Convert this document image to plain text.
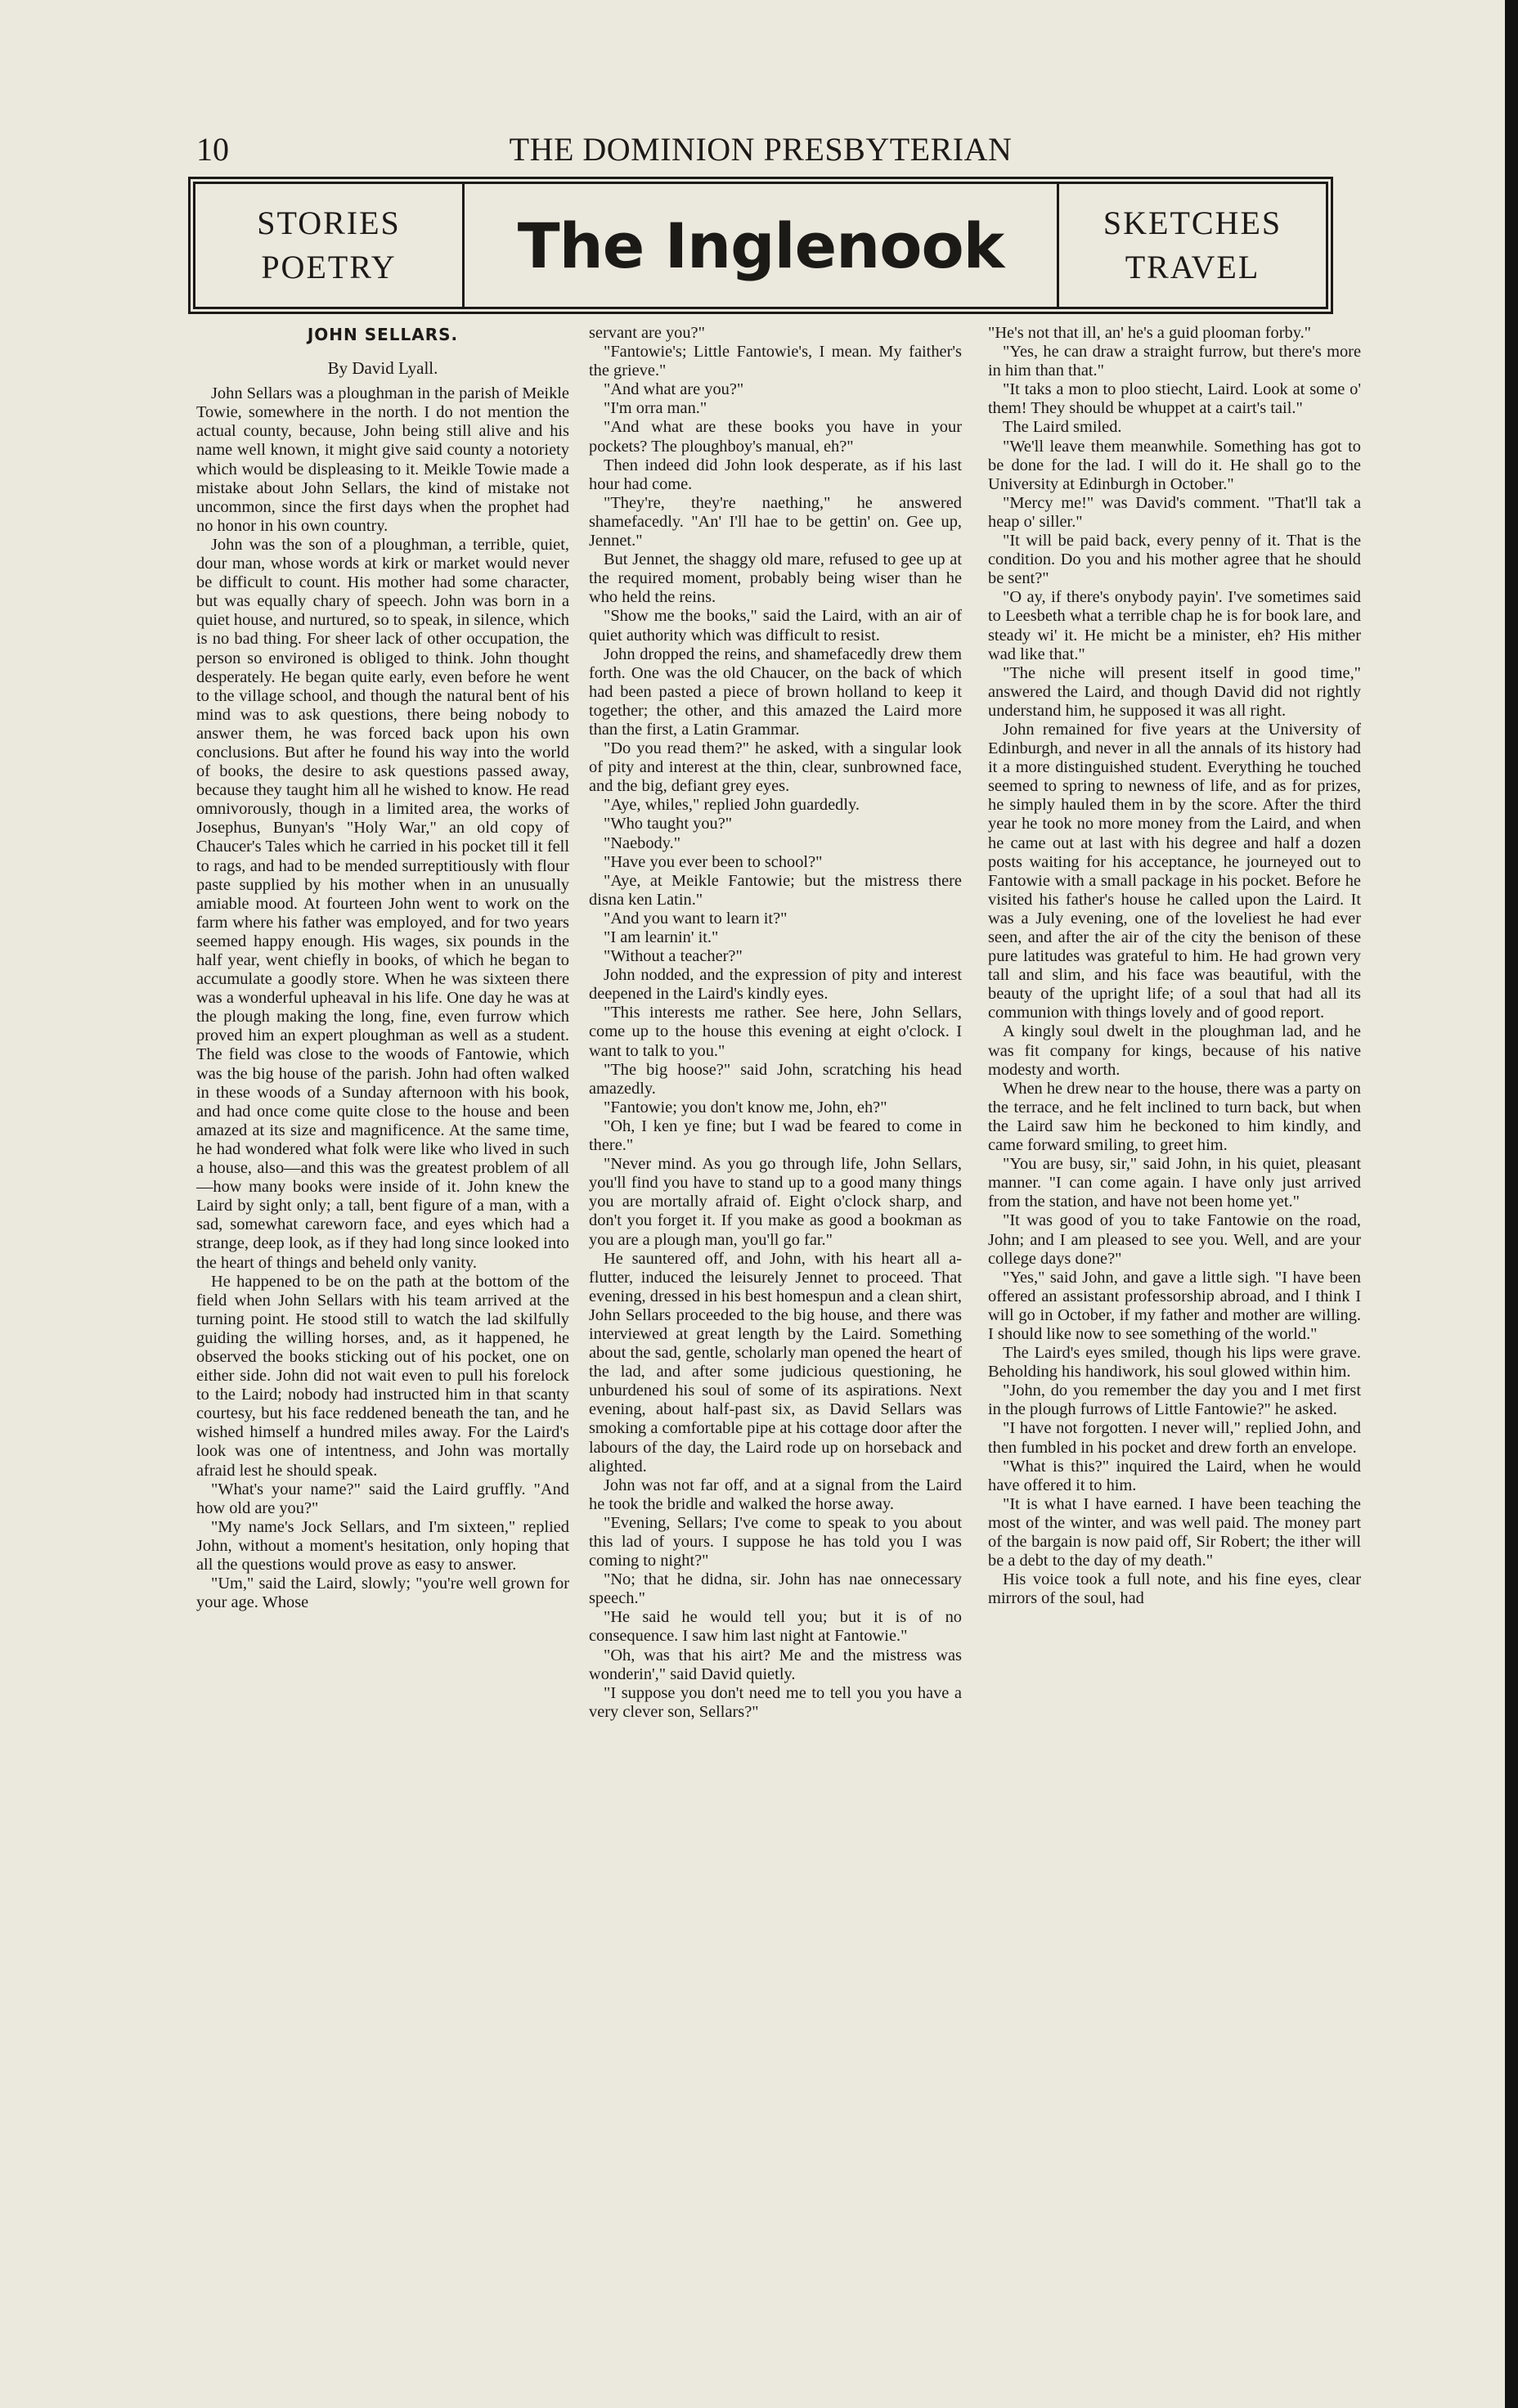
10	THE DOMINION PRESBYTERIAN
STORIES
POETRY	The Inglenook	SKETCHES
TRAVEL
JOHN SELLARS.
By David Lyall.

John Sellars was a ploughman in the parish of Meikle Towie, somewhere in the north. I do not mention the actual county, because, John being still alive and his name well known, it might give said county a notoriety which would be displeasing to it. Meikle Towie made a mistake about John Sellars, the kind of mistake not uncommon, since the first days when the prophet had no honor in his own country.

John was the son of a ploughman, a terrible, quiet, dour man, whose words at kirk or market would never be difficult to count. His mother had some character, but was equally chary of speech. John was born in a quiet house, and nurtured, so to speak, in silence, which is no bad thing. For sheer lack of other occupation, the person so environed is obliged to think. John thought desperately. He began quite early, even before he went to the village school, and though the natural bent of his mind was to ask questions, there being nobody to answer them, he was forced back upon his own conclusions. But after he found his way into the world of books, the desire to ask questions passed away, because they taught him all he wished to know. He read omnivorously, though in a limited area, the works of Josephus, Bunyan's "Holy War," an old copy of Chaucer's Tales which he carried in his pocket till it fell to rags, and had to be mended surreptitiously with flour paste supplied by his mother when in an unusually amiable mood. At fourteen John went to work on the farm where his father was employed, and for two years seemed happy enough. His wages, six pounds in the half year, went chiefly in books, of which he began to accumulate a goodly store. When he was sixteen there was a wonderful upheaval in his life. One day he was at the plough making the long, fine, even furrow which proved him an expert ploughman as well as a student. The field was close to the woods of Fantowie, which was the big house of the parish. John had often walked in these woods of a Sunday afternoon with his book, and had once come quite close to the house and been amazed at its size and magnificence. At the same time, he had wondered what folk were like who lived in such a house, also—and this was the greatest problem of all—how many books were inside of it. John knew the Laird by sight only; a tall, bent figure of a man, with a sad, somewhat careworn face, and eyes which had a strange, deep look, as if they had long since looked into the heart of things and beheld only vanity.

He happened to be on the path at the bottom of the field when John Sellars with his team arrived at the turning point. He stood still to watch the lad skilfully guiding the willing horses, and, as it happened, he observed the books sticking out of his pocket, one on either side. John did not wait even to pull his forelock to the Laird; nobody had instructed him in that scanty courtesy, but his face reddened beneath the tan, and he wished himself a hundred miles away. For the Laird's look was one of intentness, and John was mortally afraid lest he should speak.

"What's your name?" said the Laird gruffly. "And how old are you?"

"My name's Jock Sellars, and I'm sixteen," replied John, without a moment's hesitation, only hoping that all the questions would prove as easy to answer.

"Um," said the Laird, slowly; "you're well grown for your age. Whose

servant are you?"

"Fantowie's; Little Fantowie's, I mean. My faither's the grieve."

"And what are you?"

"I'm orra man."

"And what are these books you have in your pockets? The ploughboy's manual, eh?"

Then indeed did John look desperate, as if his last hour had come.

"They're, they're naething," he answered shamefacedly. "An' I'll hae to be gettin' on. Gee up, Jennet."

But Jennet, the shaggy old mare, refused to gee up at the required moment, probably being wiser than he who held the reins.

"Show me the books," said the Laird, with an air of quiet authority which was difficult to resist.

John dropped the reins, and shamefacedly drew them forth. One was the old Chaucer, on the back of which had been pasted a piece of brown holland to keep it together; the other, and this amazed the Laird more than the first, a Latin Grammar.

"Do you read them?" he asked, with a singular look of pity and interest at the thin, clear, sunbrowned face, and the big, defiant grey eyes.

"Aye, whiles," replied John guardedly.

"Who taught you?"

"Naebody."

"Have you ever been to school?"

"Aye, at Meikle Fantowie; but the mistress there disna ken Latin."

"And you want to learn it?"

"I am learnin' it."

"Without a teacher?"

John nodded, and the expression of pity and interest deepened in the Laird's kindly eyes.

"This interests me rather. See here, John Sellars, come up to the house this evening at eight o'clock. I want to talk to you."

"The big hoose?" said John, scratching his head amazedly.

"Fantowie; you don't know me, John, eh?"

"Oh, I ken ye fine; but I wad be feared to come in there."

"Never mind. As you go through life, John Sellars, you'll find you have to stand up to a good many things you are mortally afraid of. Eight o'clock sharp, and don't you forget it. If you make as good a bookman as you are a plough man, you'll go far."

He sauntered off, and John, with his heart all a-flutter, induced the leisurely Jennet to proceed. That evening, dressed in his best homespun and a clean shirt, John Sellars proceeded to the big house, and there was interviewed at great length by the Laird. Something about the sad, gentle, scholarly man opened the heart of the lad, and after some judicious questioning, he unburdened his soul of some of its aspirations. Next evening, about half-past six, as David Sellars was smoking a comfortable pipe at his cottage door after the labours of the day, the Laird rode up on horseback and alighted.

John was not far off, and at a signal from the Laird he took the bridle and walked the horse away.

"Evening, Sellars; I've come to speak to you about this lad of yours. I suppose he has told you I was coming to night?"

"No; that he didna, sir. John has nae onnecessary speech."

"He said he would tell you; but it is of no consequence. I saw him last night at Fantowie."

"Oh, was that his airt? Me and the mistress was wonderin'," said David quietly.

"I suppose you don't need me to tell you you have a very clever son, Sellars?"

"He's not that ill, an' he's a guid plooman forby."

"Yes, he can draw a straight furrow, but there's more in him than that."

"It taks a mon to ploo stiecht, Laird. Look at some o' them! They should be whuppet at a cairt's tail."

The Laird smiled.

"We'll leave them meanwhile. Something has got to be done for the lad. I will do it. He shall go to the University at Edinburgh in October."

"Mercy me!" was David's comment. "That'll tak a heap o' siller."

"It will be paid back, every penny of it. That is the condition. Do you and his mother agree that he should be sent?"

"O ay, if there's onybody payin'. I've sometimes said to Leesbeth what a terrible chap he is for book lare, and steady wi' it. He micht be a minister, eh? His mither wad like that."

"The niche will present itself in good time," answered the Laird, and though David did not rightly understand him, he supposed it was all right.

John remained for five years at the University of Edinburgh, and never in all the annals of its history had it a more distinguished student. Everything he touched seemed to spring to newness of life, and as for prizes, he simply hauled them in by the score. After the third year he took no more money from the Laird, and when he came out at last with his degree and half a dozen posts waiting for his acceptance, he journeyed out to Fantowie with a small package in his pocket. Before he visited his father's house he called upon the Laird. It was a July evening, one of the loveliest he had ever seen, and after the air of the city the benison of these pure latitudes was grateful to him. He had grown very tall and slim, and his face was beautiful, with the beauty of the upright life; of a soul that had all its communion with things lovely and of good report.

A kingly soul dwelt in the ploughman lad, and he was fit company for kings, because of his native modesty and worth.

When he drew near to the house, there was a party on the terrace, and he felt inclined to turn back, but when the Laird saw him he beckoned to him kindly, and came forward smiling, to greet him.

"You are busy, sir," said John, in his quiet, pleasant manner. "I can come again. I have only just arrived from the station, and have not been home yet."

"It was good of you to take Fantowie on the road, John; and I am pleased to see you. Well, and are your college days done?"

"Yes," said John, and gave a little sigh. "I have been offered an assistant professorship abroad, and I think I will go in October, if my father and mother are willing. I should like now to see something of the world."

The Laird's eyes smiled, though his lips were grave. Beholding his handiwork, his soul glowed within him.

"John, do you remember the day you and I met first in the plough furrows of Little Fantowie?" he asked.

"I have not forgotten. I never will," replied John, and then fumbled in his pocket and drew forth an envelope.

"What is this?" inquired the Laird, when he would have offered it to him.

"It is what I have earned. I have been teaching the most of the winter, and was well paid. The money part of the bargain is now paid off, Sir Robert; the ither will be a debt to the day of my death."

His voice took a full note, and his fine eyes, clear mirrors of the soul, had
